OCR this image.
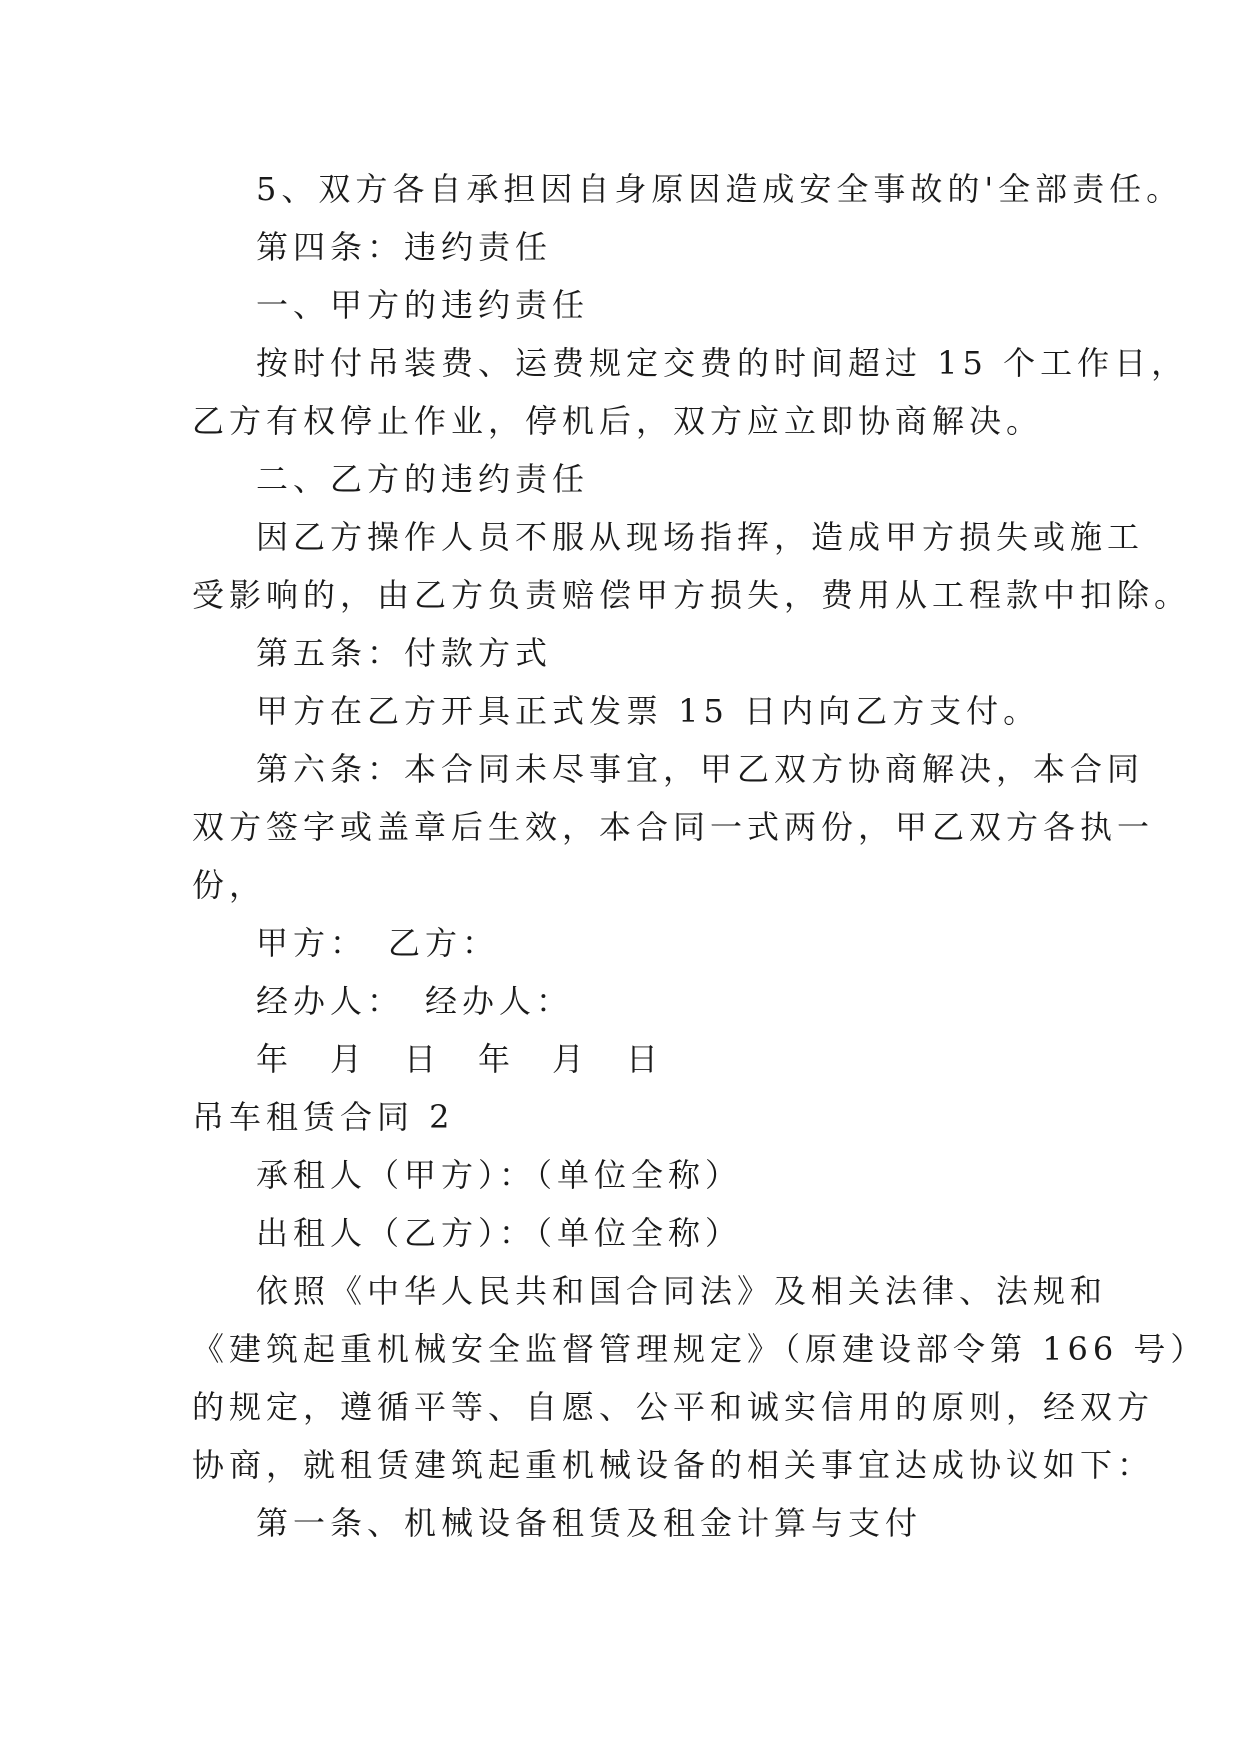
5、双方各自承担因自身原因造成安全事故的'全部责任。
第四条：违约责任
一、甲方的违约责任
按时付吊装费、运费规定交费的时间超过 15 个工作日，
乙方有权停止作业，停机后，双方应立即协商解决。
二、乙方的违约责任
因乙方操作人员不服从现场指挥，造成甲方损失或施工
受影响的，由乙方负责赔偿甲方损失，费用从工程款中扣除。
第五条：付款方式
甲方在乙方开具正式发票 15 日内向乙方支付。
第六条：本合同未尽事宜，甲乙双方协商解决，本合同
双方签字或盖章后生效，本合同一式两份，甲乙双方各执一
份，
甲方：　乙方：
经办人：　经办人：
年　月　日　年　月　日
吊车租赁合同 2
承租人（甲方）：（单位全称）
出租人（乙方）：（单位全称）
依照《中华人民共和国合同法》及相关法律、法规和
《建筑起重机械安全监督管理规定》（原建设部令第 166 号）
的规定，遵循平等、自愿、公平和诚实信用的原则，经双方
协商，就租赁建筑起重机械设备的相关事宜达成协议如下：
第一条、机械设备租赁及租金计算与支付
